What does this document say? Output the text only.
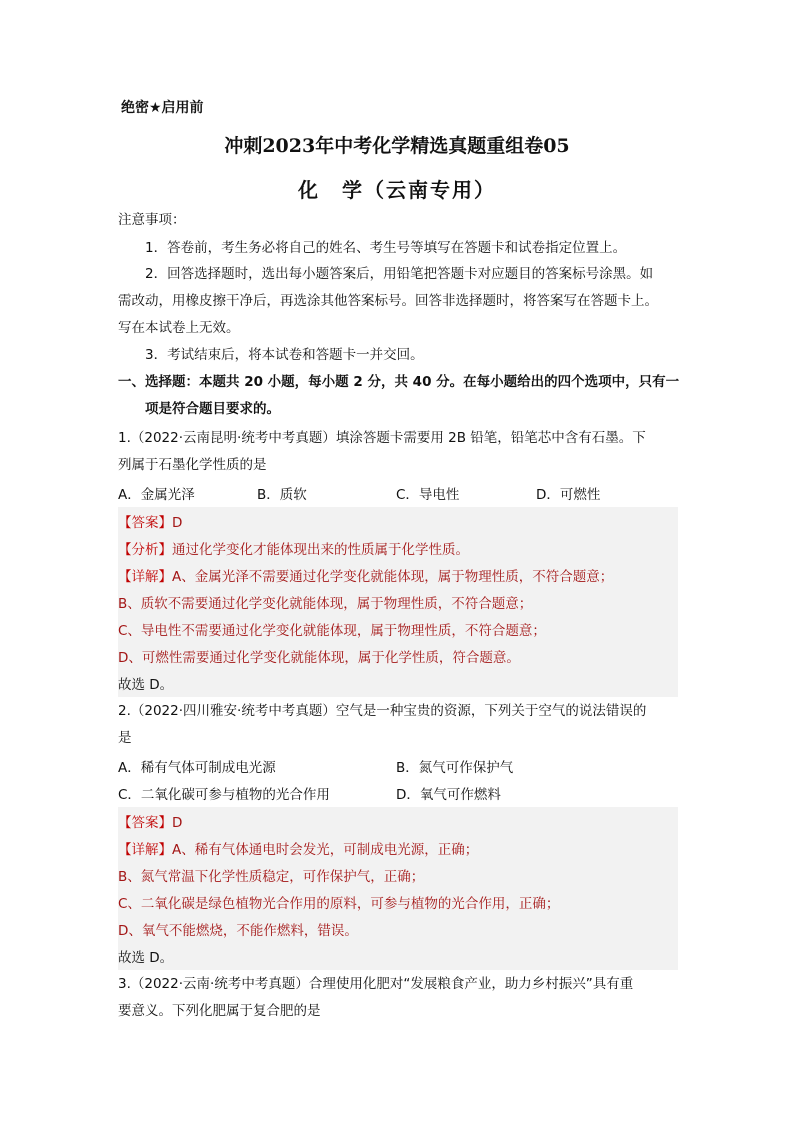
绝密★启用前
冲刺2023年中考化学精选真题重组卷05
化　学（云南专用）
注意事项：
1．答卷前，考生务必将自己的姓名、考生号等填写在答题卡和试卷指定位置上。
2．回答选择题时，选出每小题答案后，用铅笔把答题卡对应题目的答案标号涂黑。如
需改动，用橡皮擦干净后，再选涂其他答案标号。回答非选择题时，将答案写在答题卡上。
写在本试卷上无效。
3．考试结束后，将本试卷和答题卡一并交回。
一、选择题：本题共 20 小题，每小题 2 分，共 40 分。在每小题给出的四个选项中，只有一
项是符合题目要求的。
1.（2022·云南昆明·统考中考真题）填涂答题卡需要用 2B 铅笔，铅笔芯中含有石墨。下
列属于石墨化学性质的是
A．金属光泽	B．质软	C．导电性	D．可燃性
【答案】D
【分析】通过化学变化才能体现出来的性质属于化学性质。
【详解】A、金属光泽不需要通过化学变化就能体现，属于物理性质，不符合题意；
B、质软不需要通过化学变化就能体现，属于物理性质，不符合题意；
C、导电性不需要通过化学变化就能体现，属于物理性质，不符合题意；
D、可燃性需要通过化学变化就能体现，属于化学性质，符合题意。
故选 D。
2.（2022·四川雅安·统考中考真题）空气是一种宝贵的资源，下列关于空气的说法错误的
是
A．稀有气体可制成电光源	B．氮气可作保护气
C．二氧化碳可参与植物的光合作用	D．氧气可作燃料
【答案】D
【详解】A、稀有气体通电时会发光，可制成电光源，正确；
B、氮气常温下化学性质稳定，可作保护气，正确；
C、二氧化碳是绿色植物光合作用的原料，可参与植物的光合作用，正确；
D、氧气不能燃烧，不能作燃料，错误。
故选 D。
3.（2022·云南·统考中考真题）合理使用化肥对“发展粮食产业，助力乡村振兴”具有重
要意义。下列化肥属于复合肥的是
